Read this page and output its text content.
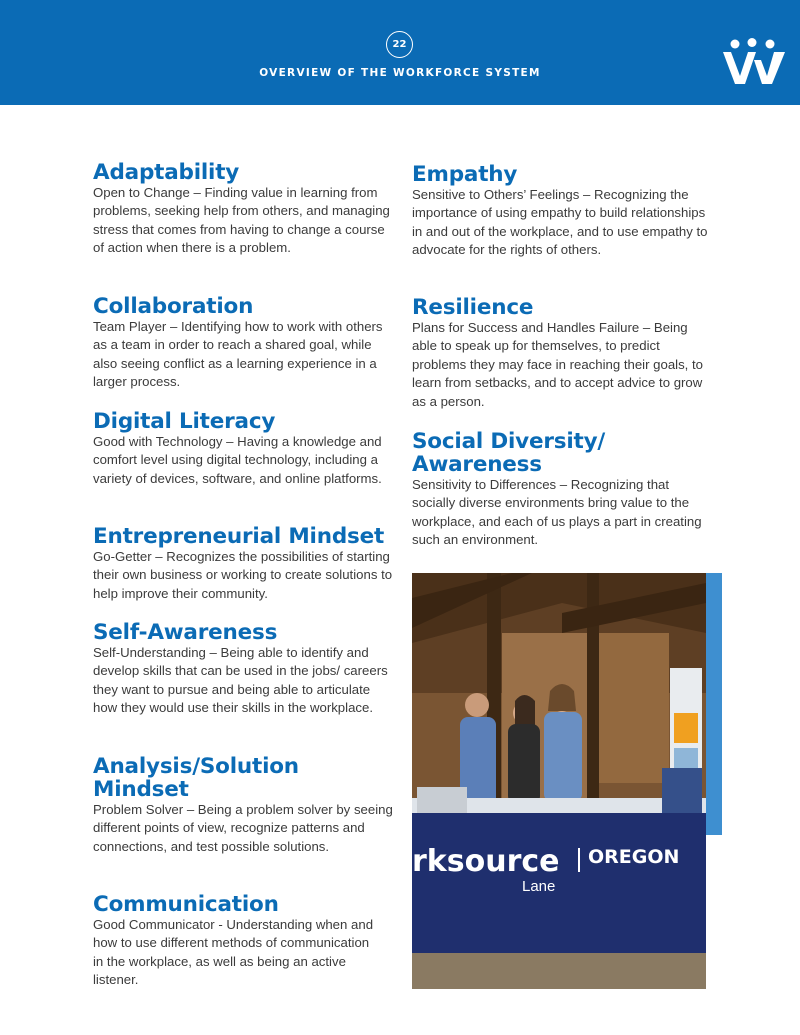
22
OVERVIEW OF THE WORKFORCE SYSTEM
Adaptability

Open to Change – Finding value in learning from problems, seeking help from others, and managing stress that comes from having to change a course of action when there is a problem.

Collaboration

Team Player – Identifying how to work with others as a team in order to reach a shared goal, while also seeing conflict as a learning experience in a larger process.

Digital Literacy

Good with Technology – Having a knowledge and comfort level using digital technology, including a variety of devices, software, and online platforms.

Entrepreneurial Mindset

Go-Getter – Recognizes the possibilities of starting their own business or working to create solutions to help improve their community.

Self-Awareness

Self-Understanding – Being able to identify and develop skills that can be used in the jobs/ careers they want to pursue and being able to articulate how they would use their skills in the workplace.

Analysis/Solution Mindset

Problem Solver – Being a problem solver by seeing different points of view, recognize patterns and connections, and test possible solutions.

Communication

Good Communicator - Understanding when and how to use different methods of communication in the workplace, as well as being an active listener.

Empathy

Sensitive to Others’ Feelings – Recognizing the importance of using empathy to build relationships in and out of the workplace, and to use empathy to advocate for the rights of others.

Resilience

Plans for Success and Handles Failure – Being able to speak up for themselves, to predict problems they may face in reaching their goals, to learn from setbacks, and to accept advice to grow as a person.

Social Diversity/ Awareness

Sensitivity to Differences – Recognizing that socially diverse environments bring value to the workplace, and each of us plays a part in creating such an environment.

rksource OREGON
Lane
